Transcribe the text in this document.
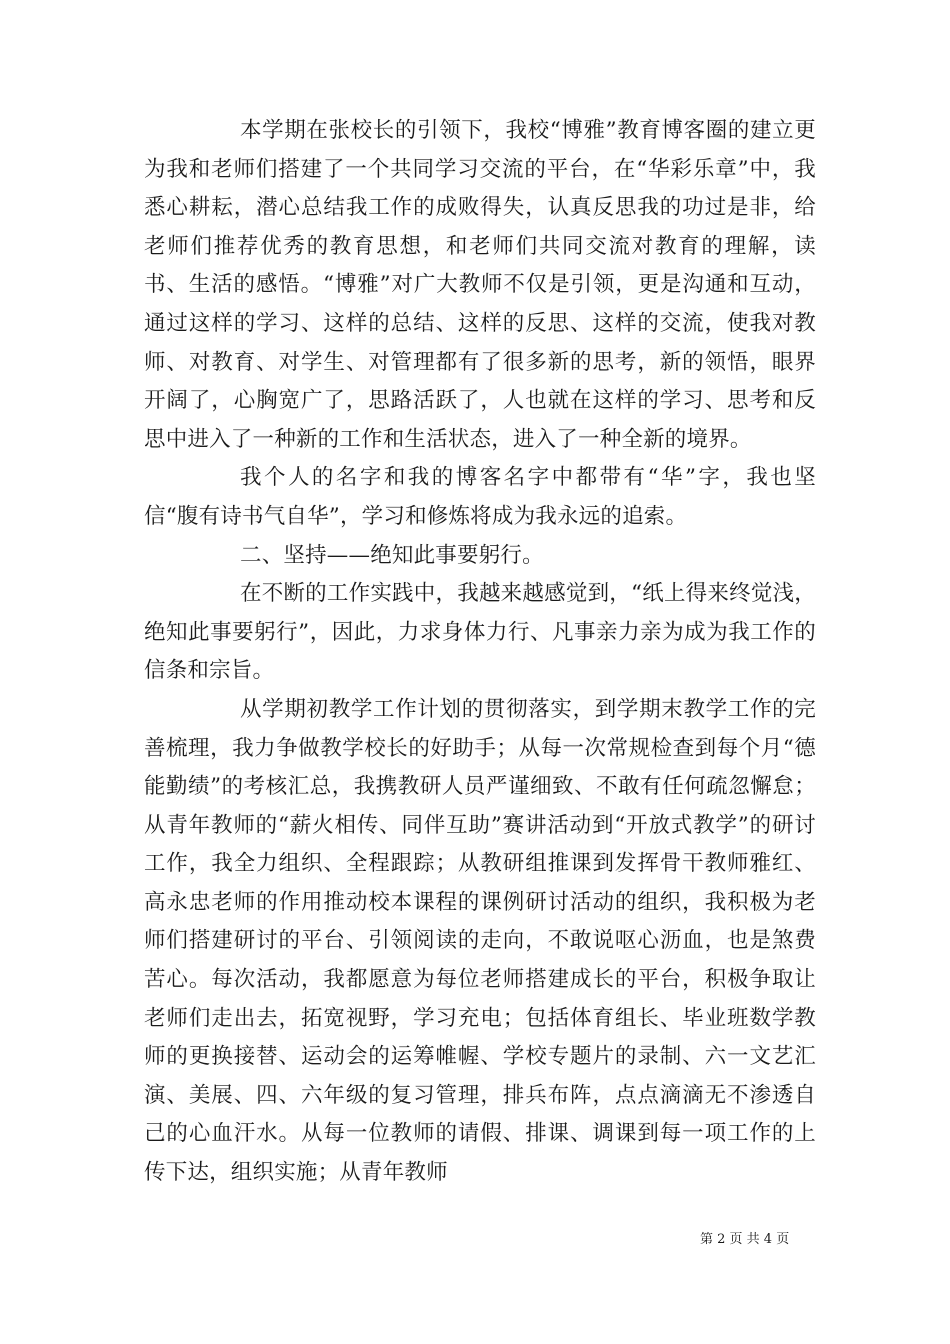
本学期在张校长的引领下，我校“博雅”教育博客圈的建立更为我和老师们搭建了一个共同学习交流的平台，在“华彩乐章”中，我悉心耕耘，潜心总结我工作的成败得失，认真反思我的功过是非，给老师们推荐优秀的教育思想，和老师们共同交流对教育的理解，读书、生活的感悟。“博雅”对广大教师不仅是引领，更是沟通和互动，通过这样的学习、这样的总结、这样的反思、这样的交流，使我对教师、对教育、对学生、对管理都有了很多新的思考，新的领悟，眼界开阔了，心胸宽广了，思路活跃了，人也就在这样的学习、思考和反思中进入了一种新的工作和生活状态，进入了一种全新的境界。

我个人的名字和我的博客名字中都带有“华”字，我也坚信“腹有诗书气自华”，学习和修炼将成为我永远的追索。

二、坚持——绝知此事要躬行。

在不断的工作实践中，我越来越感觉到，“纸上得来终觉浅，绝知此事要躬行”，因此，力求身体力行、凡事亲力亲为成为我工作的信条和宗旨。

从学期初教学工作计划的贯彻落实，到学期末教学工作的完善梳理，我力争做教学校长的好助手；从每一次常规检查到每个月“德能勤绩”的考核汇总，我携教研人员严谨细致、不敢有任何疏忽懈怠；从青年教师的“薪火相传、同伴互助”赛讲活动到“开放式教学”的研讨工作，我全力组织、全程跟踪；从教研组推课到发挥骨干教师雅红、高永忠老师的作用推动校本课程的课例研讨活动的组织，我积极为老师们搭建研讨的平台、引领阅读的走向，不敢说呕心沥血，也是煞费苦心。每次活动，我都愿意为每位老师搭建成长的平台，积极争取让老师们走出去，拓宽视野，学习充电；包括体育组长、毕业班数学教师的更换接替、运动会的运筹帷幄、学校专题片的录制、六一文艺汇演、美展、四、六年级的复习管理，排兵布阵，点点滴滴无不渗透自己的心血汗水。从每一位教师的请假、排课、调课到每一项工作的上传下达，组织实施；从青年教师

第 2 页 共 4 页
